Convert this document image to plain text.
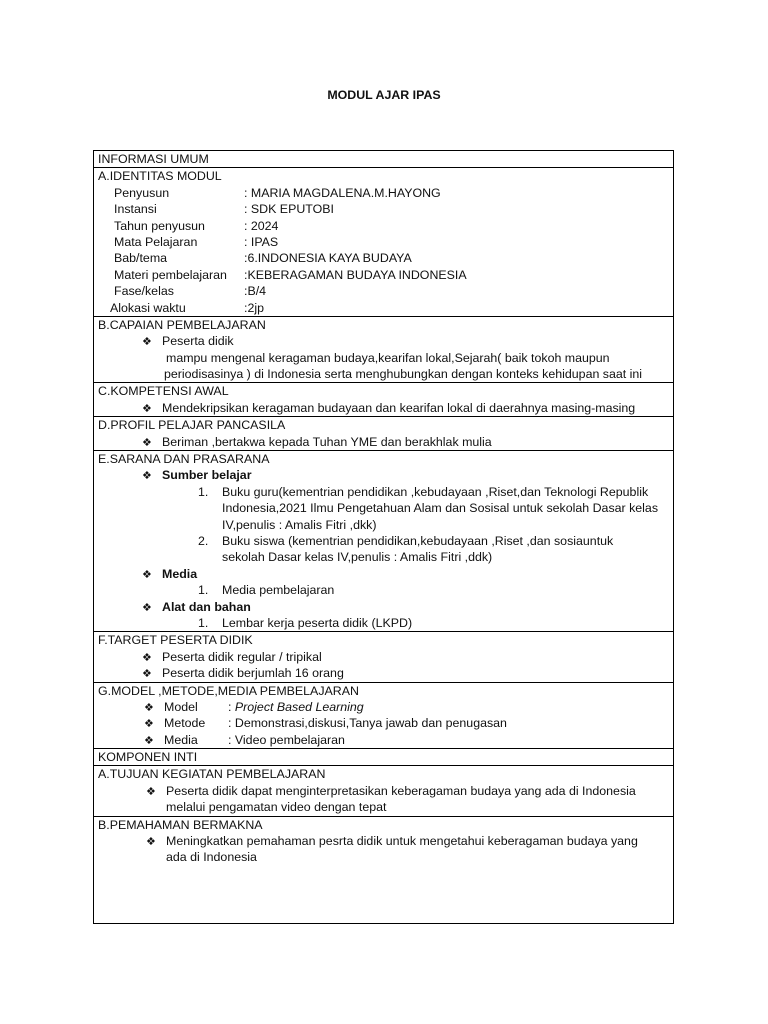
MODUL AJAR IPAS
INFORMASI UMUM
A.IDENTITAS MODUL
Penyusun	: MARIA MAGDALENA.M.HAYONG
Instansi	: SDK EPUTOBI
Tahun penyusun	: 2024
Mata Pelajaran	: IPAS
Bab/tema	:6.INDONESIA KAYA BUDAYA
Materi pembelajaran :KEBERAGAMAN BUDAYA INDONESIA
Fase/kelas	:B/4
Alokasi waktu	:2jp
B.CAPAIAN PEMBELAJARAN
❖ Peserta didik
mampu mengenal keragaman budaya,kearifan lokal,Sejarah( baik tokoh maupun
periodisasinya ) di Indonesia serta menghubungkan dengan konteks kehidupan saat ini
C.KOMPETENSI AWAL
❖ Mendekripsikan keragaman budayaan dan kearifan lokal di daerahnya masing-masing
D.PROFIL PELAJAR PANCASILA
❖ Beriman ,bertakwa kepada Tuhan YME dan berakhlak mulia
E.SARANA DAN PRASARANA
❖ Sumber belajar
1. Buku guru(kementrian pendidikan ,kebudayaan ,Riset,dan Teknologi Republik
Indonesia,2021 Ilmu Pengetahuan Alam dan Sosisal untuk sekolah Dasar kelas
IV,penulis : Amalis Fitri ,dkk)
2. Buku siswa (kementrian pendidikan,kebudayaan ,Riset ,dan sosiauntuk
sekolah Dasar kelas IV,penulis : Amalis Fitri ,ddk)
❖ Media
1. Media pembelajaran
❖ Alat dan bahan
1. Lembar kerja peserta didik (LKPD)
F.TARGET PESERTA DIDIK
❖ Peserta didik regular / tripikal
❖ Peserta didik berjumlah 16 orang
G.MODEL ,METODE,MEDIA PEMBELAJARAN
❖ Model : Project Based Learning
❖ Metode : Demonstrasi,diskusi,Tanya jawab dan penugasan
❖ Media : Video pembelajaran
KOMPONEN INTI
A.TUJUAN KEGIATAN PEMBELAJARAN
❖ Peserta didik dapat menginterpretasikan keberagaman budaya yang ada di Indonesia
melalui pengamatan video dengan tepat
B.PEMAHAMAN BERMAKNA
❖ Meningkatkan pemahaman pesrta didik untuk mengetahui keberagaman budaya yang
ada di Indonesia
